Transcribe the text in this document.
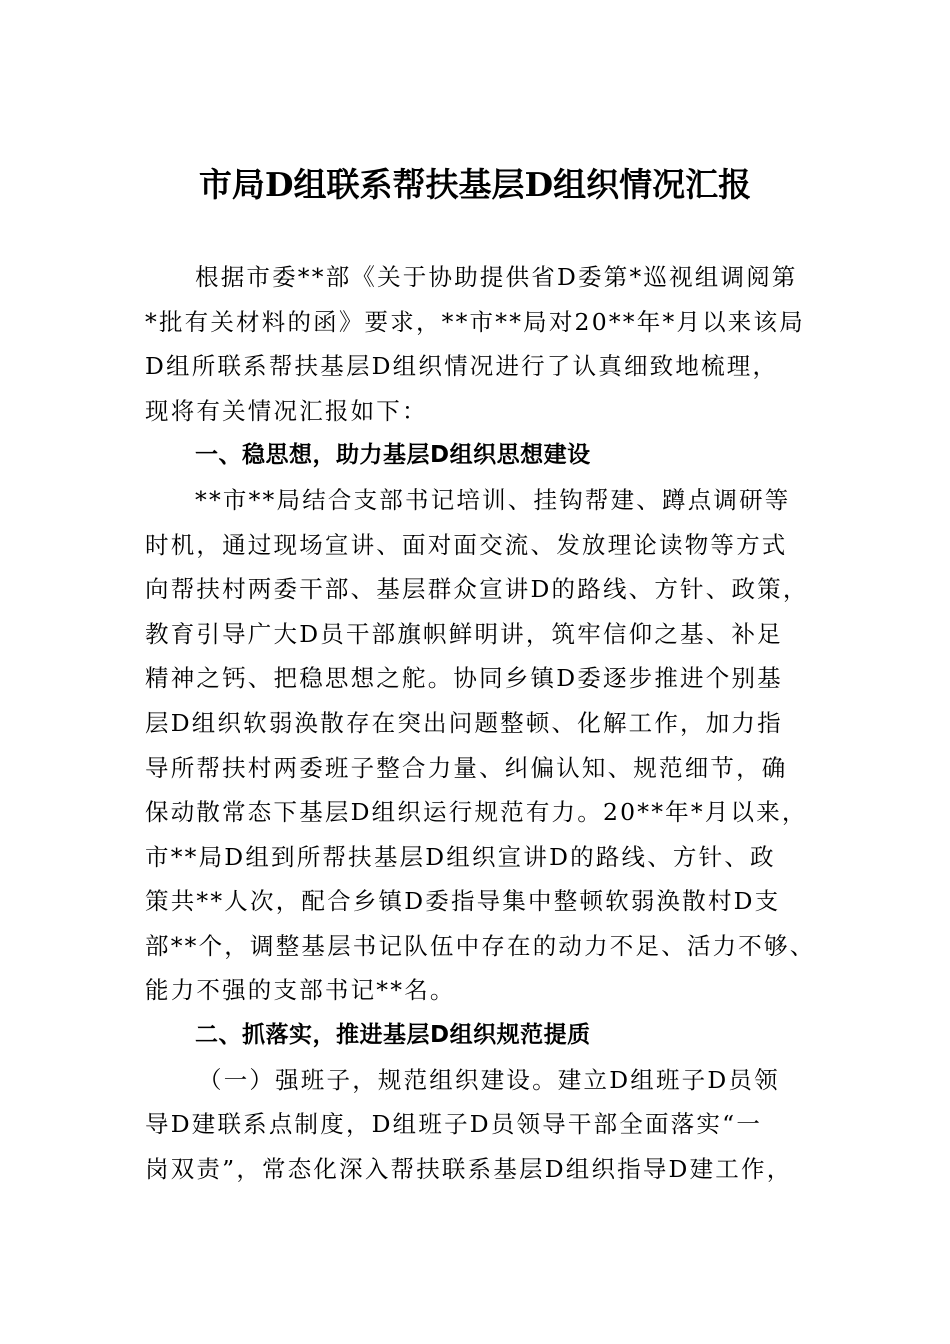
市局D组联系帮扶基层D组织情况汇报
根据市委**部《关于协助提供省D委第*巡视组调阅第
*批有关材料的函》要求，**市**局对20**年*月以来该局
D组所联系帮扶基层D组织情况进行了认真细致地梳理，
现将有关情况汇报如下：
一、稳思想，助力基层D组织思想建设
**市**局结合支部书记培训、挂钩帮建、蹲点调研等
时机，通过现场宣讲、面对面交流、发放理论读物等方式
向帮扶村两委干部、基层群众宣讲D的路线、方针、政策，
教育引导广大D员干部旗帜鲜明讲，筑牢信仰之基、补足
精神之钙、把稳思想之舵。协同乡镇D委逐步推进个别基
层D组织软弱涣散存在突出问题整顿、化解工作，加力指
导所帮扶村两委班子整合力量、纠偏认知、规范细节，确
保动散常态下基层D组织运行规范有力。20**年*月以来，
市**局D组到所帮扶基层D组织宣讲D的路线、方针、政
策共**人次，配合乡镇D委指导集中整顿软弱涣散村D支
部**个，调整基层书记队伍中存在的动力不足、活力不够、
能力不强的支部书记**名。
二、抓落实，推进基层D组织规范提质
（一）强班子，规范组织建设。建立D组班子D员领
导D建联系点制度，D组班子D员领导干部全面落实“一
岗双责”，常态化深入帮扶联系基层D组织指导D建工作，
